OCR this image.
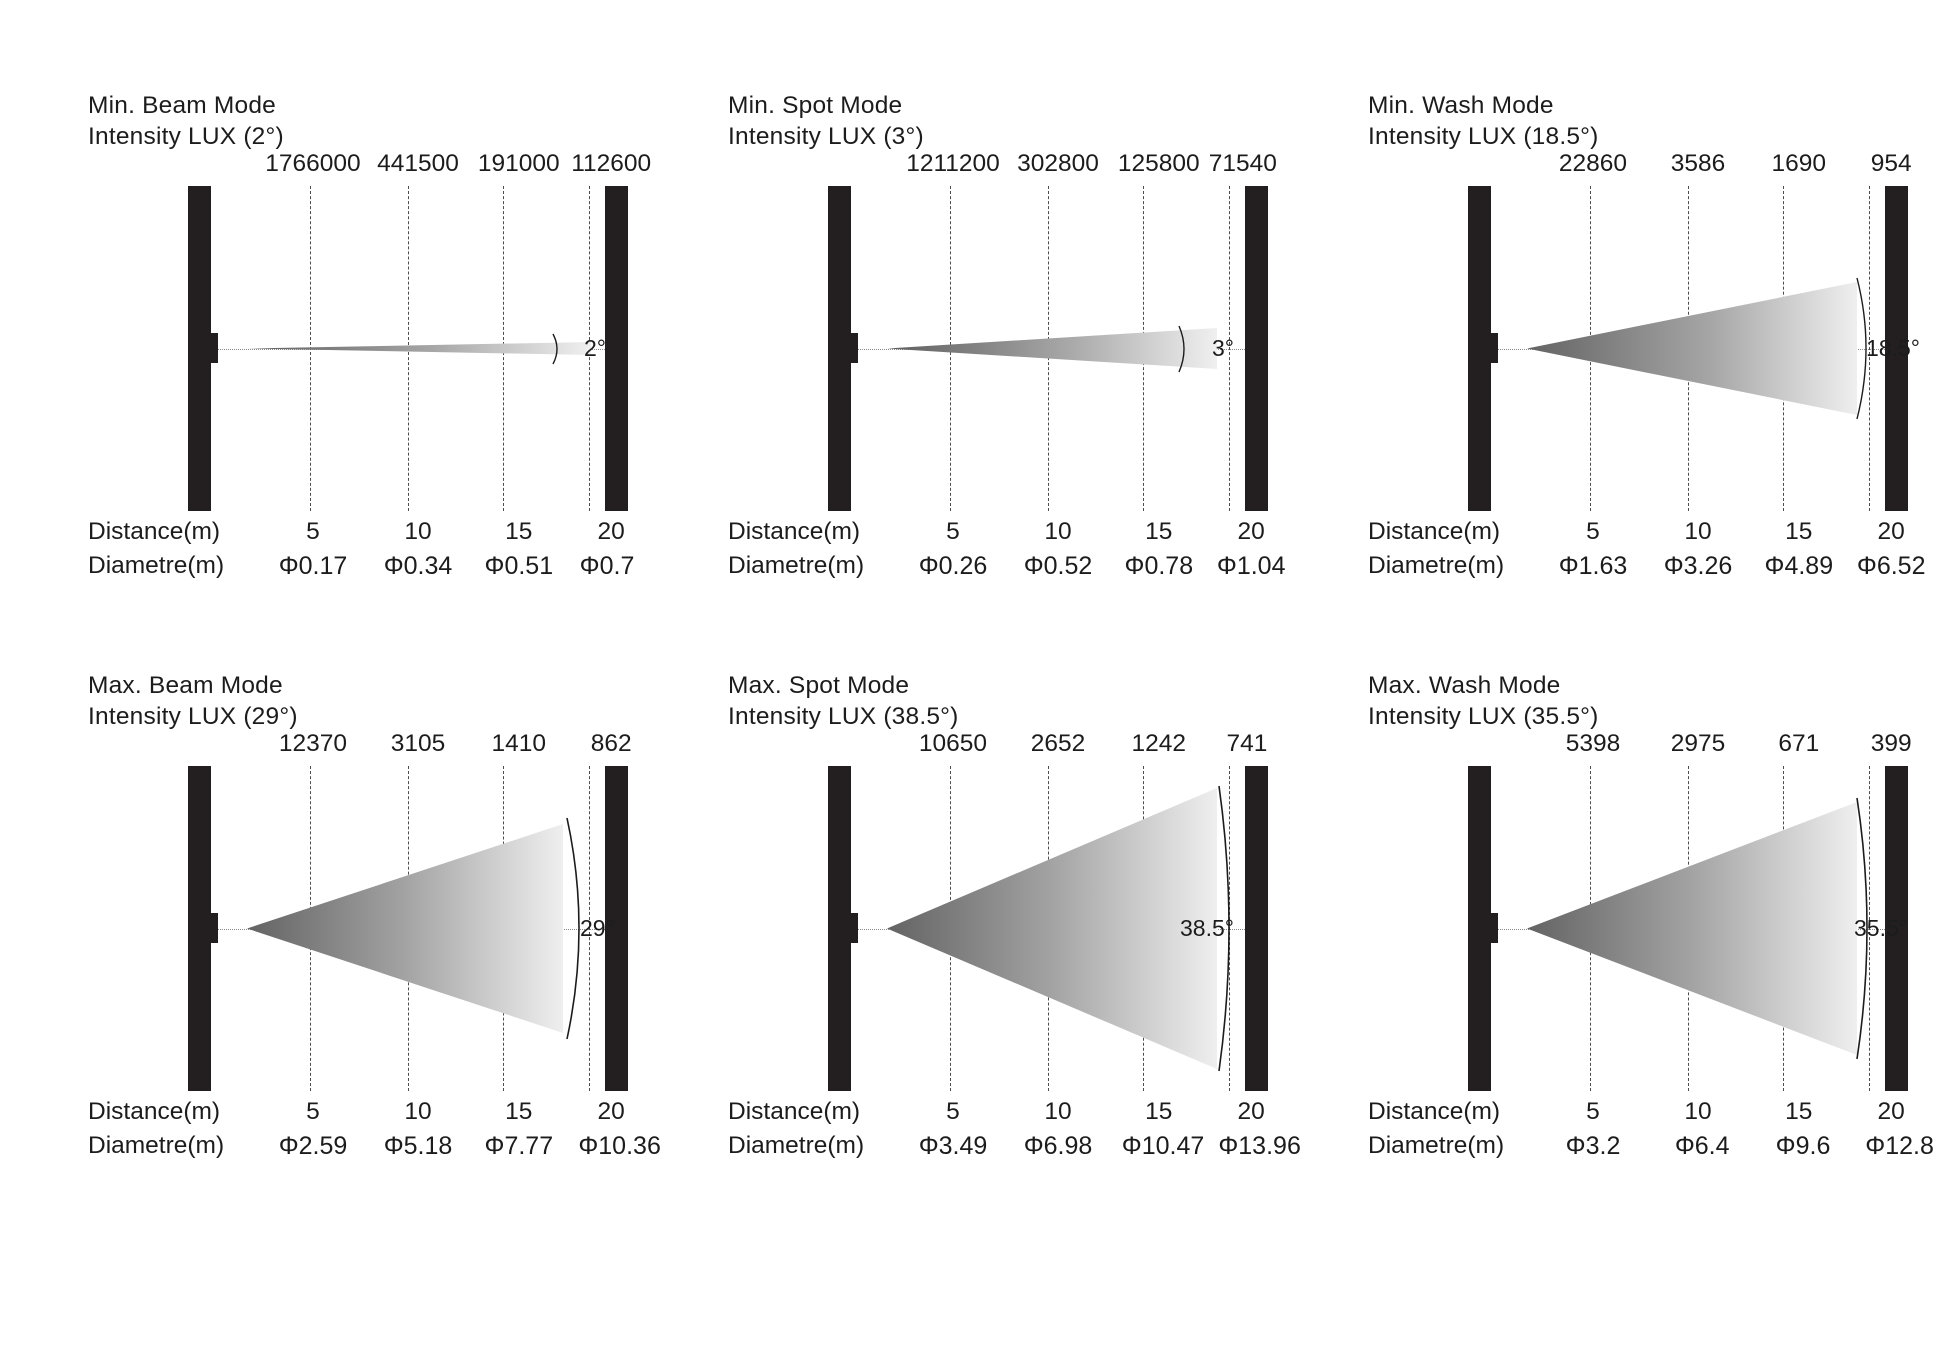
Min. Beam Mode
Intensity LUX (2°)
1766000 441500 191000 112600
2°
Distance(m)	5	10	15	20
Diametre(m) Φ0.17 Φ0.34 Φ0.51 Φ0.7
Min. Spot Mode
Intensity LUX (3°)
1211200 302800 125800 71540
3°
Distance(m)	5	10	15	20
Diametre(m) Φ0.26 Φ0.52 Φ0.78 Φ1.04
Min. Wash Mode
Intensity LUX (18.5°)
22860 3586 1690 954
18.5°
Distance(m)	5	10	15	20
Diametre(m) Φ1.63 Φ3.26 Φ4.89 Φ6.52
Max. Beam Mode
Intensity LUX (29°)
12370 3105 1410 862
29°
Distance(m)	5	10	15	20
Diametre(m) Φ2.59 Φ5.18 Φ7.77 Φ10.36
Max. Spot Mode
Intensity LUX (38.5°)
10650 2652 1242 741
38.5°
Distance(m)	5	10	15	20
Diametre(m) Φ3.49 Φ6.98 Φ10.47 Φ13.96
Max. Wash Mode
Intensity LUX (35.5°)
5398 2975 671 399
35.5°
Distance(m)	5	10	15	20
Diametre(m) Φ3.2 Φ6.4 Φ9.6 Φ12.8
